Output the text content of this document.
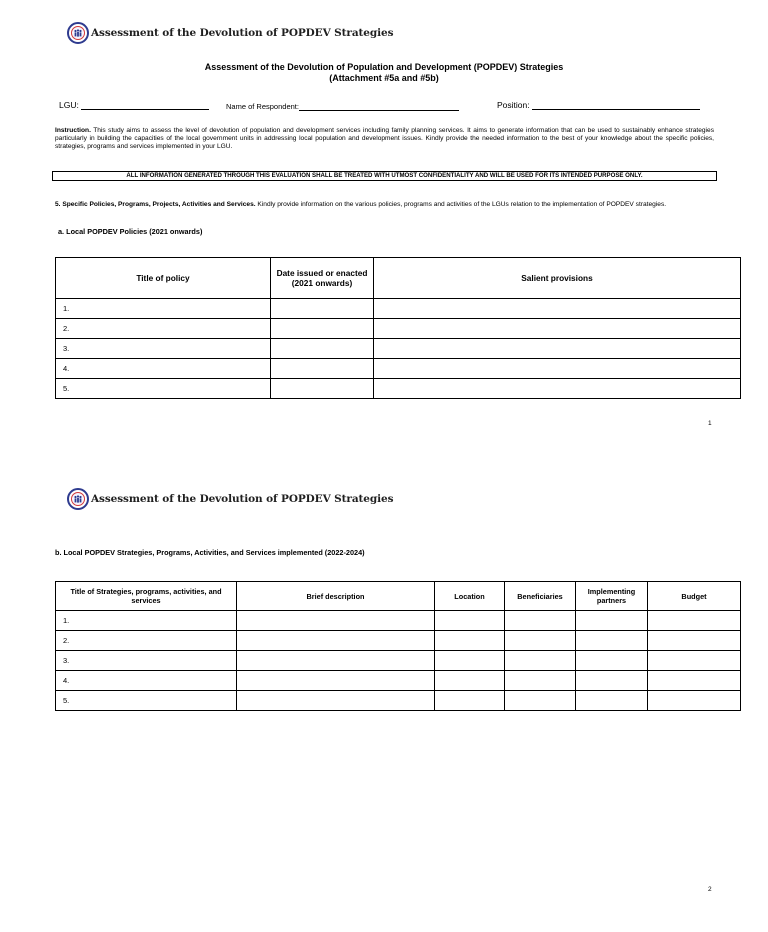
Assessment of the Devolution of POPDEV Strategies
Assessment of the Devolution of Population and Development (POPDEV) Strategies
(Attachment #5a and #5b)
LGU:	Name of Respondent:	Position:
Instruction. This study aims to assess the level of devolution of population and development services including family planning services. It aims to generate information that can be used to sustainably enhance strategies particularly in building the capacities of the local government units in addressing local population and development issues. Kindly provide the needed information to the best of your knowledge about the specific policies, strategies, programs and services implemented in your LGU.
ALL INFORMATION GENERATED THROUGH THIS EVALUATION SHALL BE TREATED WITH UTMOST CONFIDENTIALITY AND WILL BE USED FOR ITS INTENDED PURPOSE ONLY.
5. Specific Policies, Programs, Projects, Activities and Services. Kindly provide information on the various policies, programs and activities of the LGUs relation to the implementation of POPDEV strategies.
a. Local POPDEV Policies (2021 onwards)
Title of policy	Date issued or enacted (2021 onwards)	Salient provisions
1.		
2.		
3.		
4.		
5.		
1
Assessment of the Devolution of POPDEV Strategies
b. Local POPDEV Strategies, Programs, Activities, and Services implemented (2022-2024)
Title of Strategies, programs, activities, and services	Brief description	Location	Beneficiaries	Implementing partners	Budget
1.					
2.					
3.					
4.					
5.					
2
